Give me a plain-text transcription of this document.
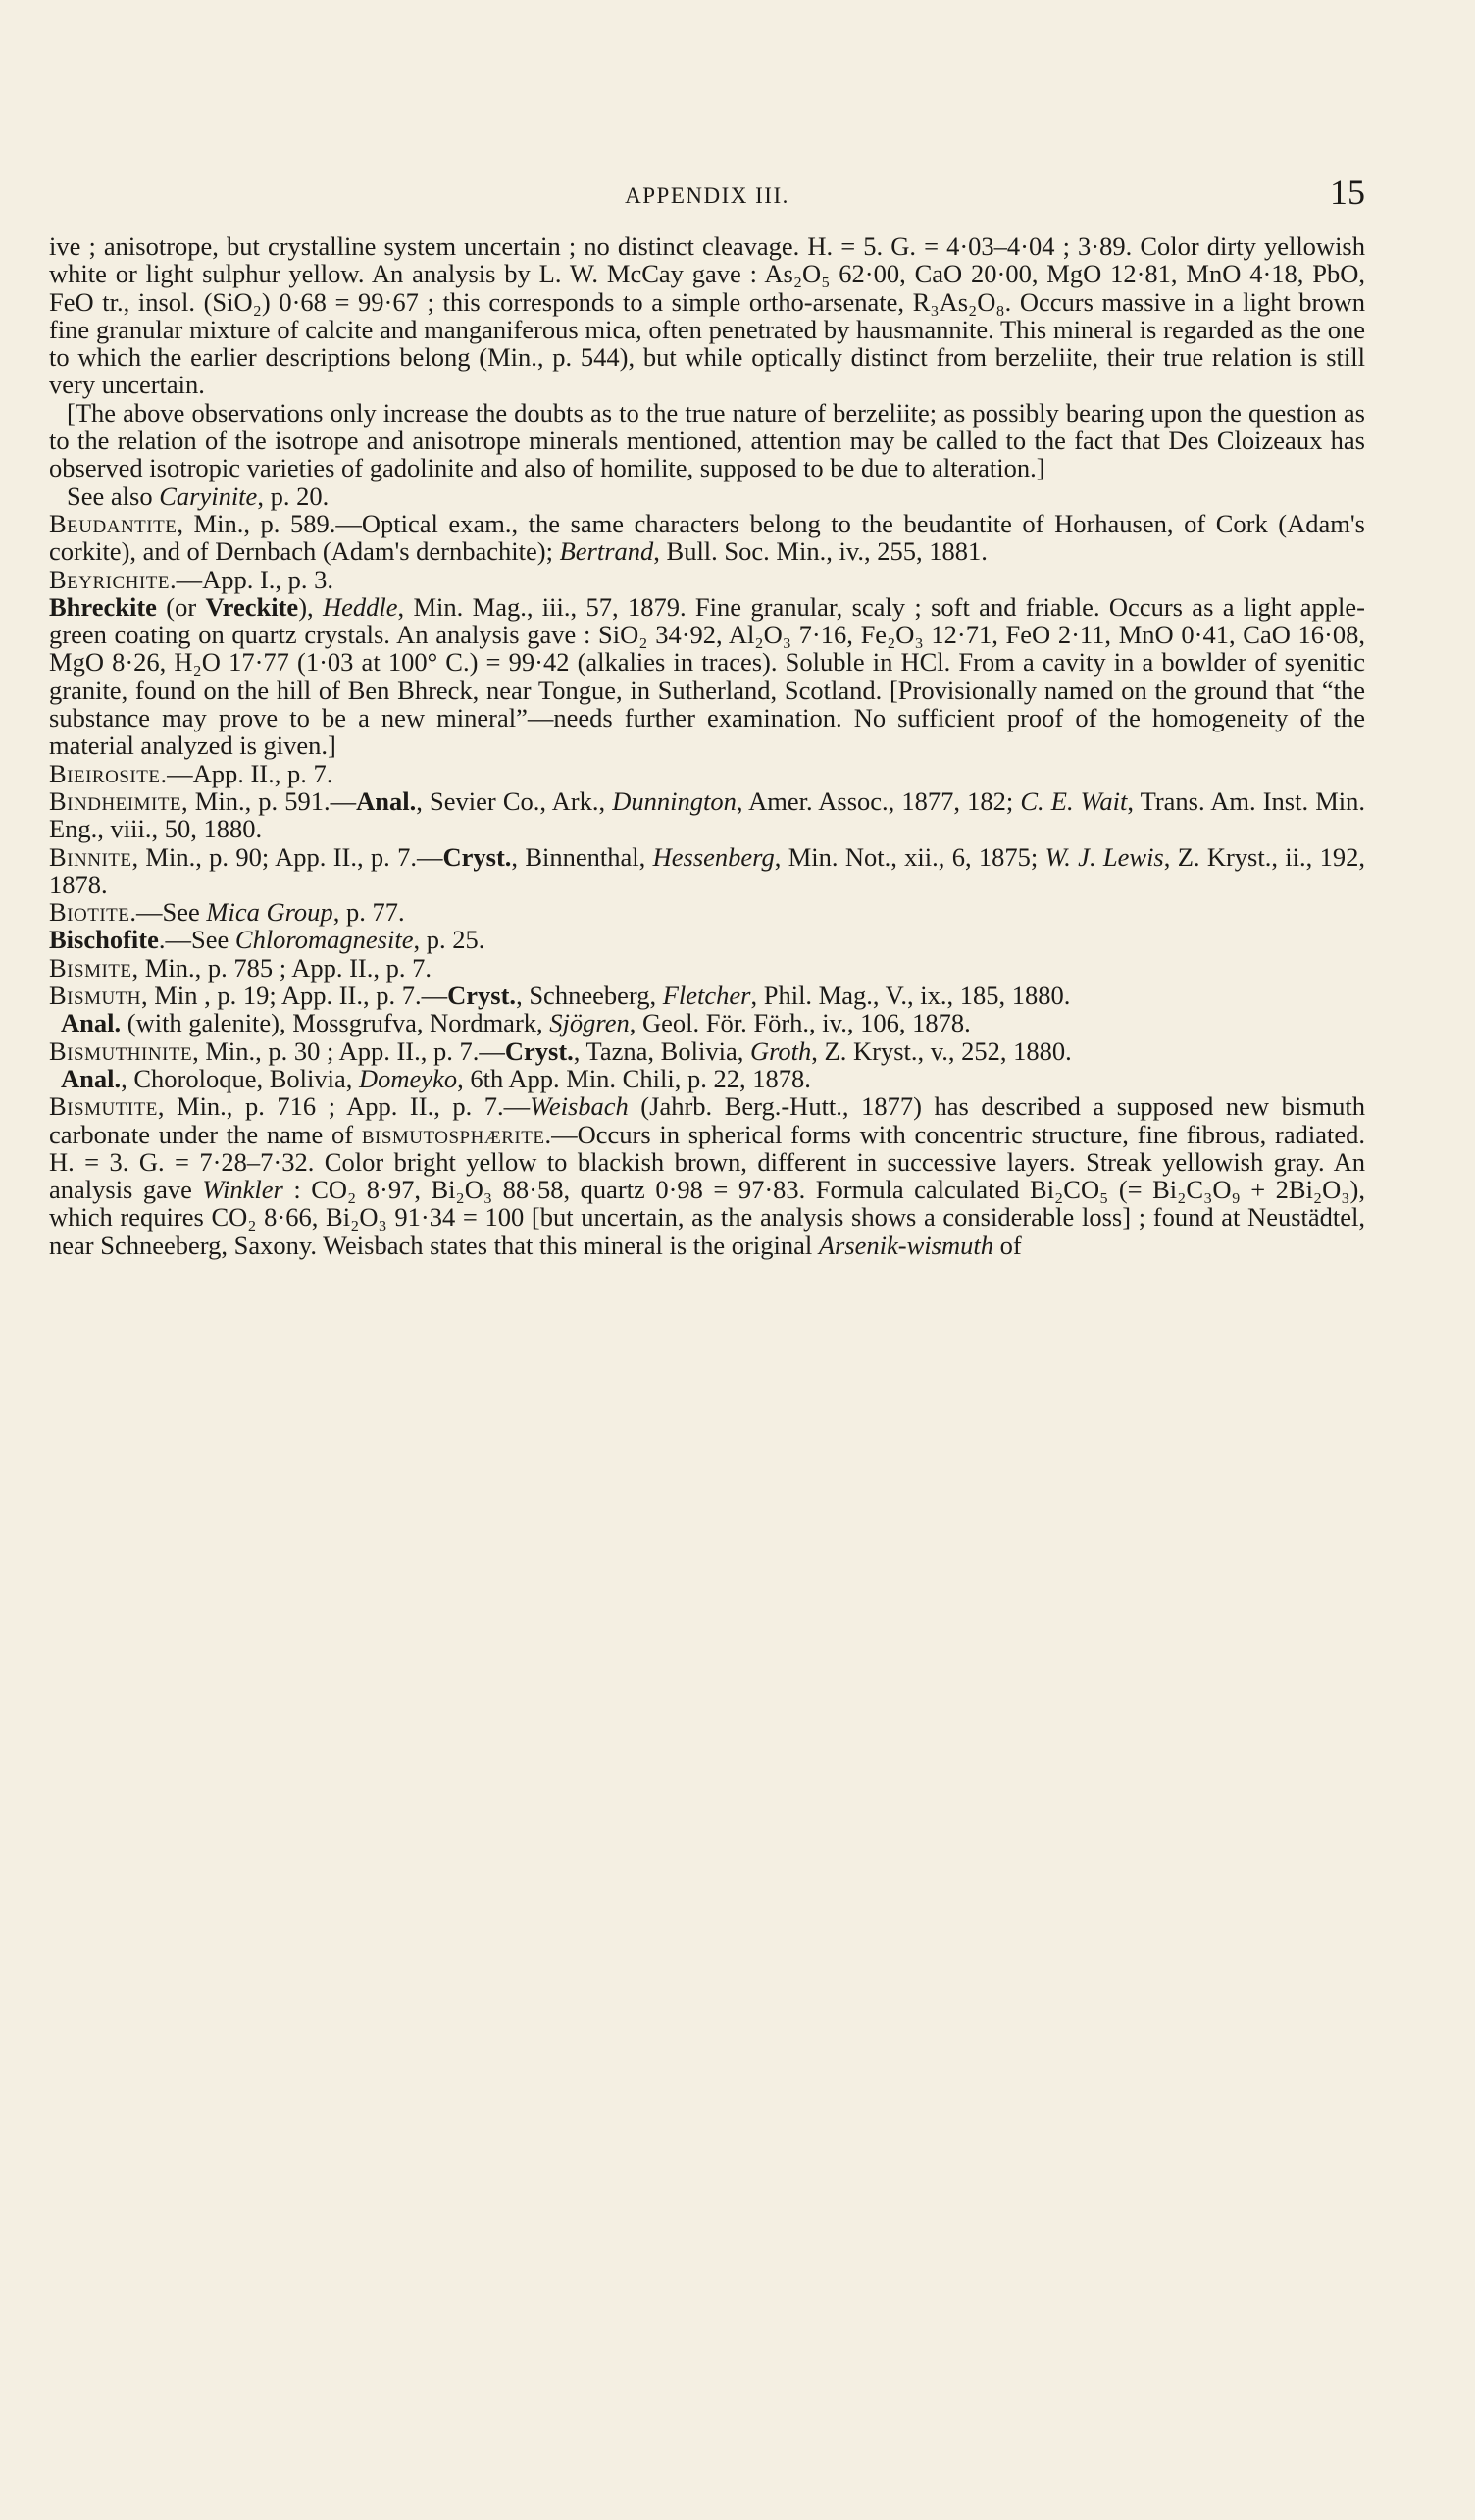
APPENDIX III.	15

ive ; anisotrope, but crystalline system uncertain ; no distinct cleavage. H. = 5. G. = 4·03–4·04 ; 3·89. Color dirty yellowish white or light sulphur yellow. An analysis by L. W. McCay gave : As₂O₅ 62·00, CaO 20·00, MgO 12·81, MnO 4·18, PbO, FeO tr., insol. (SiO₂) 0·68 = 99·67 ; this corresponds to a simple ortho-arsenate, R₃As₂O₈. Occurs massive in a light brown fine granular mixture of calcite and manganiferous mica, often penetrated by hausmannite. This mineral is regarded as the one to which the earlier descriptions belong (Min., p. 544), but while optically distinct from berzeliite, their true relation is still very uncertain.

[The above observations only increase the doubts as to the true nature of berzeliite; as possibly bearing upon the question as to the relation of the isotrope and anisotrope minerals mentioned, attention may be called to the fact that Des Cloizeaux has observed isotropic varieties of gadolinite and also of homilite, supposed to be due to alteration.]

See also Caryinite, p. 20.

Beudantite, Min., p. 589.—Optical exam., the same characters belong to the beudantite of Horhausen, of Cork (Adam's corkite), and of Dernbach (Adam's dernbachite); Bertrand, Bull. Soc. Min., iv., 255, 1881.

Beyrichite.—App. I., p. 3.

Bhreckite (or Vreckite), Heddle, Min. Mag., iii., 57, 1879. Fine granular, scaly ; soft and friable. Occurs as a light apple-green coating on quartz crystals. An analysis gave : SiO₂ 34·92, Al₂O₃ 7·16, Fe₂O₃ 12·71, FeO 2·11, MnO 0·41, CaO 16·08, MgO 8·26, H₂O 17·77 (1·03 at 100° C.) = 99·42 (alkalies in traces). Soluble in HCl. From a cavity in a bowlder of syenitic granite, found on the hill of Ben Bhreck, near Tongue, in Sutherland, Scotland. [Provisionally named on the ground that “the substance may prove to be a new mineral”—needs further examination. No sufficient proof of the homogeneity of the material analyzed is given.]

Bieirosite.—App. II., p. 7.

Bindheimite, Min., p. 591.—Anal., Sevier Co., Ark., Dunnington, Amer. Assoc., 1877, 182; C. E. Wait, Trans. Am. Inst. Min. Eng., viii., 50, 1880.

Binnite, Min., p. 90; App. II., p. 7.—Cryst., Binnenthal, Hessenberg, Min. Not., xii., 6, 1875; W. J. Lewis, Z. Kryst., ii., 192, 1878.

Biotite.—See Mica Group, p. 77.

Bischofite.—See Chloromagnesite, p. 25.

Bismite, Min., p. 785 ; App. II., p. 7.

Bismuth, Min , p. 19; App. II., p. 7.—Cryst., Schneeberg, Fletcher, Phil. Mag., V., ix., 185, 1880.
Anal. (with galenite), Mossgrufva, Nordmark, Sjögren, Geol. För. Förh., iv., 106, 1878.

Bismuthinite, Min., p. 30 ; App. II., p. 7.—Cryst., Tazna, Bolivia, Groth, Z. Kryst., v., 252, 1880.
Anal., Choroloque, Bolivia, Domeyko, 6th App. Min. Chili, p. 22, 1878.

Bismutite, Min., p. 716 ; App. II., p. 7.—Weisbach (Jahrb. Berg.-Hutt., 1877) has described a supposed new bismuth carbonate under the name of bismutosphærite.—Occurs in spherical forms with concentric structure, fine fibrous, radiated. H. = 3. G. = 7·28–7·32. Color bright yellow to blackish brown, different in successive layers. Streak yellowish gray. An analysis gave Winkler : CO₂ 8·97, Bi₂O₃ 88·58, quartz 0·98 = 97·83. Formula calculated Bi₂CO₅ (= Bi₂C₃O₉ + 2Bi₂O₃), which requires CO₂ 8·66, Bi₂O₃ 91·34 = 100 [but uncertain, as the analysis shows a considerable loss] ; found at Neustädtel, near Schneeberg, Saxony. Weisbach states that this mineral is the original Arsenik-wismuth of
